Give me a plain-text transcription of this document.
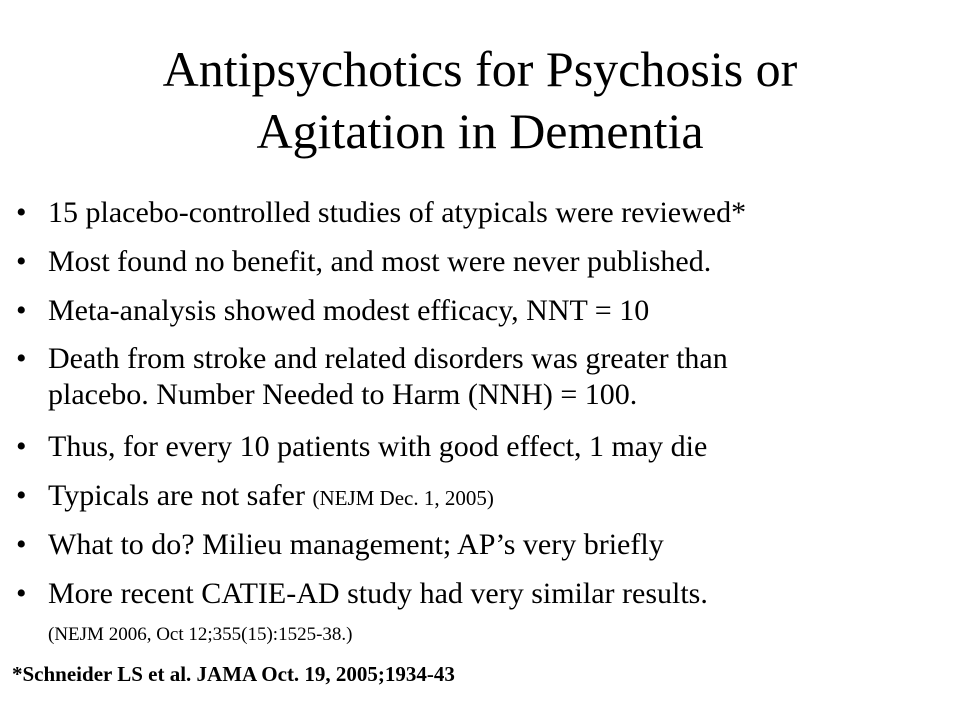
Antipsychotics for Psychosis or
Agitation in Dementia
• 15 placebo-controlled studies of atypicals were reviewed*
• Most found no benefit, and most were never published.
• Meta-analysis showed modest efficacy, NNT = 10
• Death from stroke and related disorders was greater than
placebo. Number Needed to Harm (NNH) = 100.
• Thus, for every 10 patients with good effect, 1 may die
• Typicals are not safer (NEJM Dec. 1, 2005)
• What to do? Milieu management; AP’s very briefly
• More recent CATIE-AD study had very similar results.
(NEJM 2006, Oct 12;355(15):1525-38.)
*Schneider LS et al. JAMA Oct. 19, 2005;1934-43
